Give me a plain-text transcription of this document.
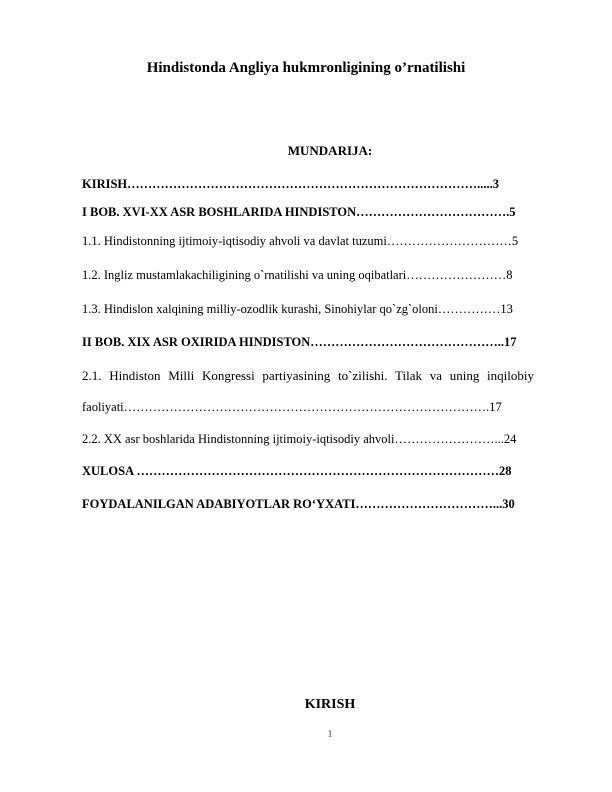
Hindistonda Angliya hukmronligining o’rnatilishi
MUNDARIJA:
KIRISH………………………………………………………………………….....3
I BOB. XVI-XX ASR BOSHLARIDA HINDISTON……………………………….5
1.1. Hindistonning ijtimoiy-iqtisodiy ahvoli va davlat tuzumi…………………………5
1.2. Ingliz mustamlakachiligining o`rnatilishi va uning oqibatlari……………………8
1.3. Hindislon xalqining milliy-ozodlik kurashi, Sinohiylar qo`zg`oloni……………13
II BOB. XIX ASR OXIRIDA HINDISTON………………………………………..17
2.1. Hindiston Milli Kongressi partiyasining to`zilishi. Tilak va uning inqilobiy
faoliyati…………………………………………………………………………….17
2.2. XX asr boshlarida Hindistonning ijtimoiy-iqtisodiy ahvoli……………………...24
XULOSA ……………………………………………………………………………28
FOYDALANILGAN ADABIYOTLAR RO‘YXATI……………………………...30
KIRISH
1
